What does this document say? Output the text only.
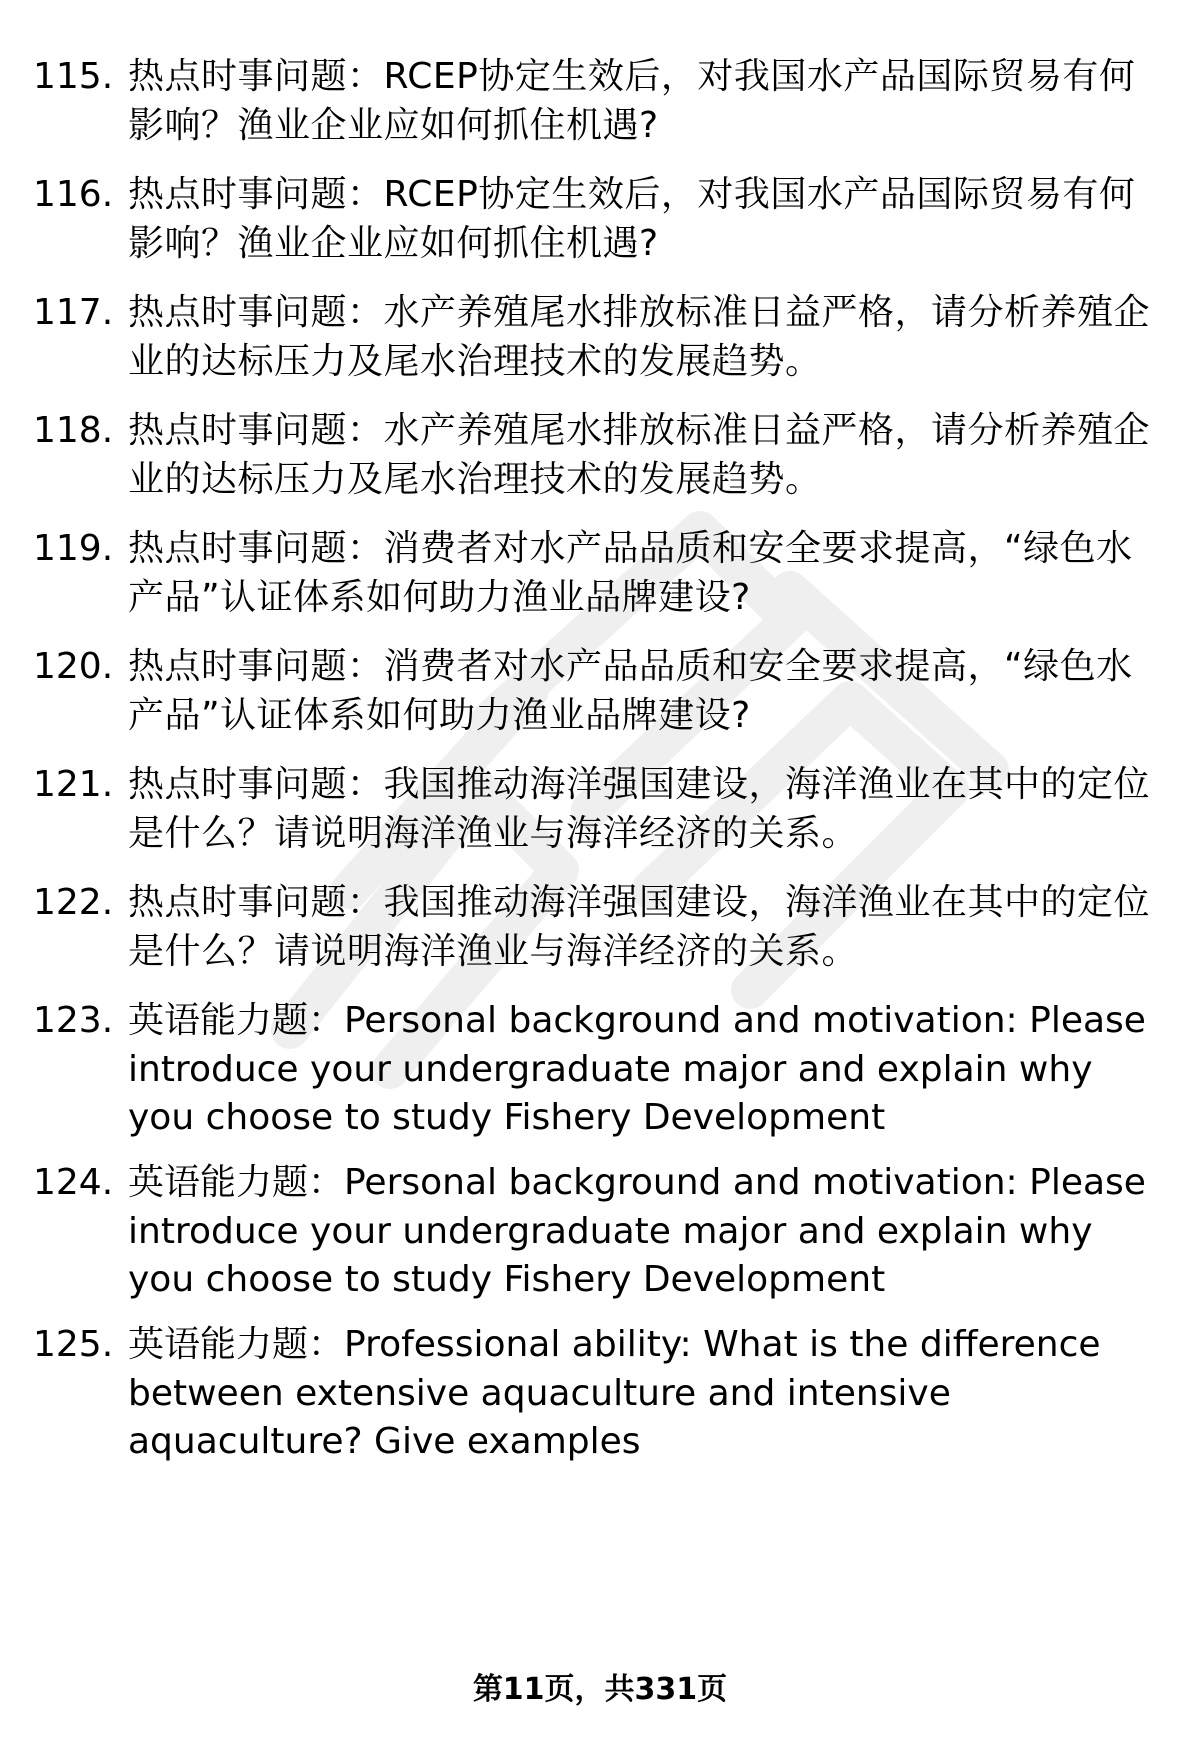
115. 热点时事问题：RCEP协定生效后，对我国水产品国际贸易有何影响？渔业企业应如何抓住机遇?
116. 热点时事问题：RCEP协定生效后，对我国水产品国际贸易有何影响？渔业企业应如何抓住机遇?
117. 热点时事问题：水产养殖尾水排放标准日益严格，请分析养殖企业的达标压力及尾水治理技术的发展趋势。
118. 热点时事问题：水产养殖尾水排放标准日益严格，请分析养殖企业的达标压力及尾水治理技术的发展趋势。
119. 热点时事问题：消费者对水产品品质和安全要求提高，“绿色水产品”认证体系如何助力渔业品牌建设?
120. 热点时事问题：消费者对水产品品质和安全要求提高，“绿色水产品”认证体系如何助力渔业品牌建设?
121. 热点时事问题：我国推动海洋强国建设，海洋渔业在其中的定位是什么？请说明海洋渔业与海洋经济的关系。
122. 热点时事问题：我国推动海洋强国建设，海洋渔业在其中的定位是什么？请说明海洋渔业与海洋经济的关系。
123. 英语能力题：Personal background and motivation: Please introduce your undergraduate major and explain why you choose to study Fishery Development
124. 英语能力题：Personal background and motivation: Please introduce your undergraduate major and explain why you choose to study Fishery Development
125. 英语能力题：Professional ability: What is the difference between extensive aquaculture and intensive aquaculture? Give examples
第11页，共331页
